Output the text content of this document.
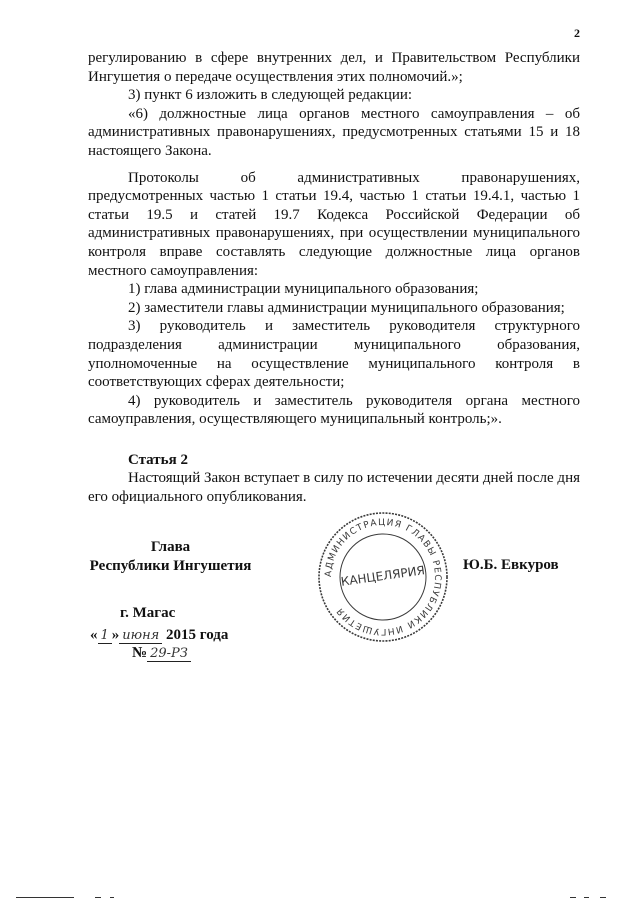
2

регулированию в сфере внутренних дел, и Правительством Республики Ингушетия о передаче осуществления этих полномочий.»;

3) пункт 6 изложить в следующей редакции:

«6) должностные лица органов местного самоуправления – об административных правонарушениях, предусмотренных статьями 15 и 18 настоящего Закона.

Протоколы об административных правонарушениях, предусмотренных частью 1 статьи 19.4, частью 1 статьи 19.4.1, частью 1 статьи 19.5 и статей 19.7 Кодекса Российской Федерации об административных правонарушениях, при осуществлении муниципального контроля вправе составлять следующие должностные лица органов местного самоуправления:

1) глава администрации муниципального образования;

2) заместители главы администрации муниципального образования;

3) руководитель и заместитель руководителя структурного подразделения администрации муниципального образования, уполномоченные на осуществление муниципального контроля в соответствующих сферах деятельности;

4) руководитель и заместитель руководителя органа местного самоуправления, осуществляющего муниципальный контроль;».

Статья 2

Настоящий Закон вступает в силу по истечении десяти дней после дня его официального опубликования.

Глава
Республики Ингушетия	АДМИНИСТРАЦИЯ ГЛАВЫ РЕСПУБЛИКИ ИНГУШЕТИЯ
КАНЦЕЛЯРИЯ Ю.Б. Евкуров
г. Магас
« 1 » июня 2015 года
№ 29-РЗ
